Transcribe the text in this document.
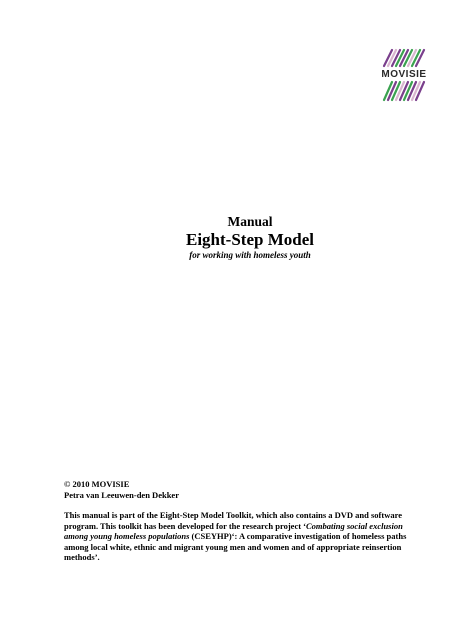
MOVISIE
Manual
Eight-Step Model
for working with homeless youth
© 2010 MOVISIE
Petra van Leeuwen-den Dekker
This manual is part of the Eight-Step Model Toolkit, which also contains a DVD and software program. This toolkit has been developed for the research project ‘Combating social exclusion among young homeless populations (CSEYHP)‘: A comparative investigation of homeless paths among local white, ethnic and migrant young men and women and of appropriate reinsertion methods’.
